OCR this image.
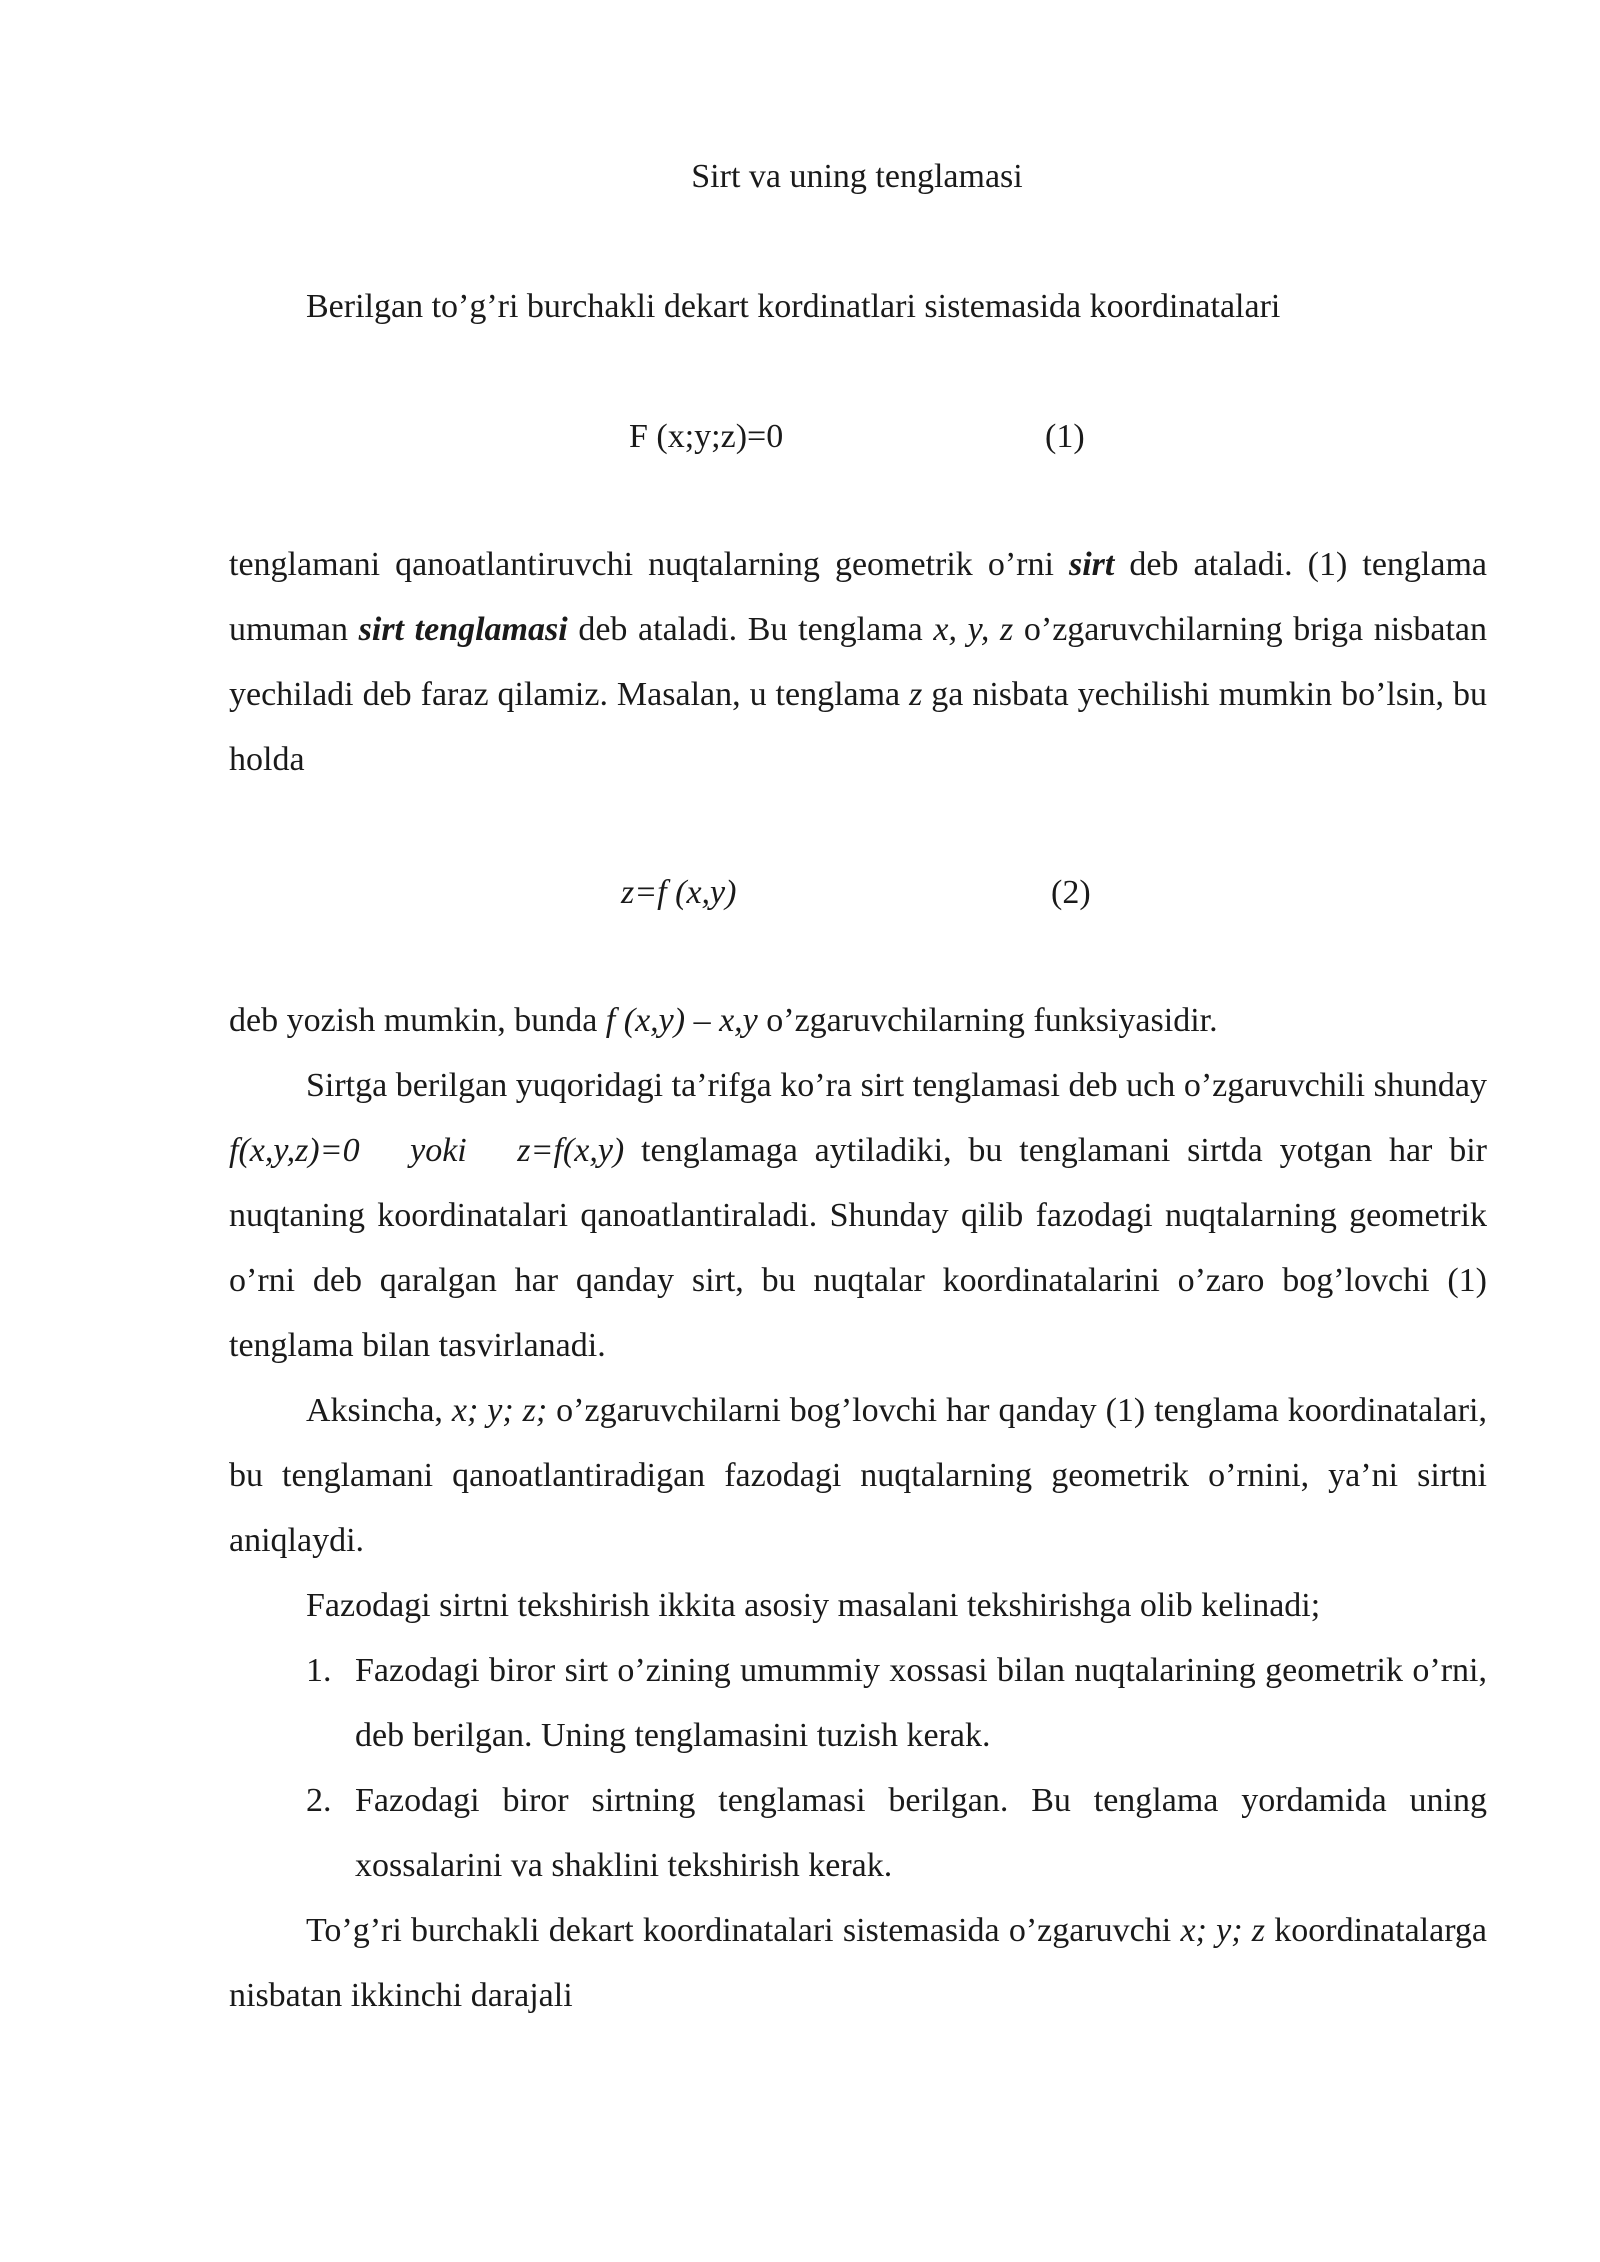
Sirt va uning tenglamasi
Berilgan to’g’ri burchakli dekart kordinatlari sistemasida koordinatalari
F (x;y;z)=0	(1)

tenglamani qanoatlantiruvchi nuqtalarning geometrik o’rni sirt deb ataladi. (1) tenglama umuman sirt tenglamasi deb ataladi. Bu tenglama x, y, z o’zgaruvchilarning briga nisbatan yechiladi deb faraz qilamiz. Masalan, u tenglama z ga nisbata yechilishi mumkin bo’lsin, bu holda

z=f (x,y)	(2)

deb yozish mumkin, bunda f (x,y) – x,y o’zgaruvchilarning funksiyasidir.

Sirtga berilgan yuqoridagi ta’rifga ko’ra sirt tenglamasi deb uch o’zgaruvchili shunday f(x,y,z)=0   yoki   z=f(x,y) tenglamaga aytiladiki, bu tenglamani sirtda yotgan har bir nuqtaning koordinatalari qanoatlantiraladi. Shunday qilib fazodagi nuqtalarning geometrik o’rni deb qaralgan har qanday sirt, bu nuqtalar koordinatalarini o’zaro bog’lovchi (1) tenglama bilan tasvirlanadi.

Aksincha, x; y; z; o’zgaruvchilarni bog’lovchi har qanday (1) tenglama koordinatalari, bu tenglamani qanoatlantiradigan fazodagi nuqtalarning geometrik o’rnini, ya’ni sirtni aniqlaydi.

Fazodagi sirtni tekshirish ikkita asosiy masalani tekshirishga olib kelinadi;

1. Fazodagi biror sirt o’zining umummiy xossasi bilan nuqtalarining geometrik o’rni, deb berilgan. Uning tenglamasini tuzish kerak.
2. Fazodagi biror sirtning tenglamasi berilgan. Bu tenglama yordamida uning xossalarini va shaklini tekshirish kerak.

To’g’ri burchakli dekart koordinatalari sistemasida o’zgaruvchi x; y; z koordinatalarga nisbatan ikkinchi darajali
